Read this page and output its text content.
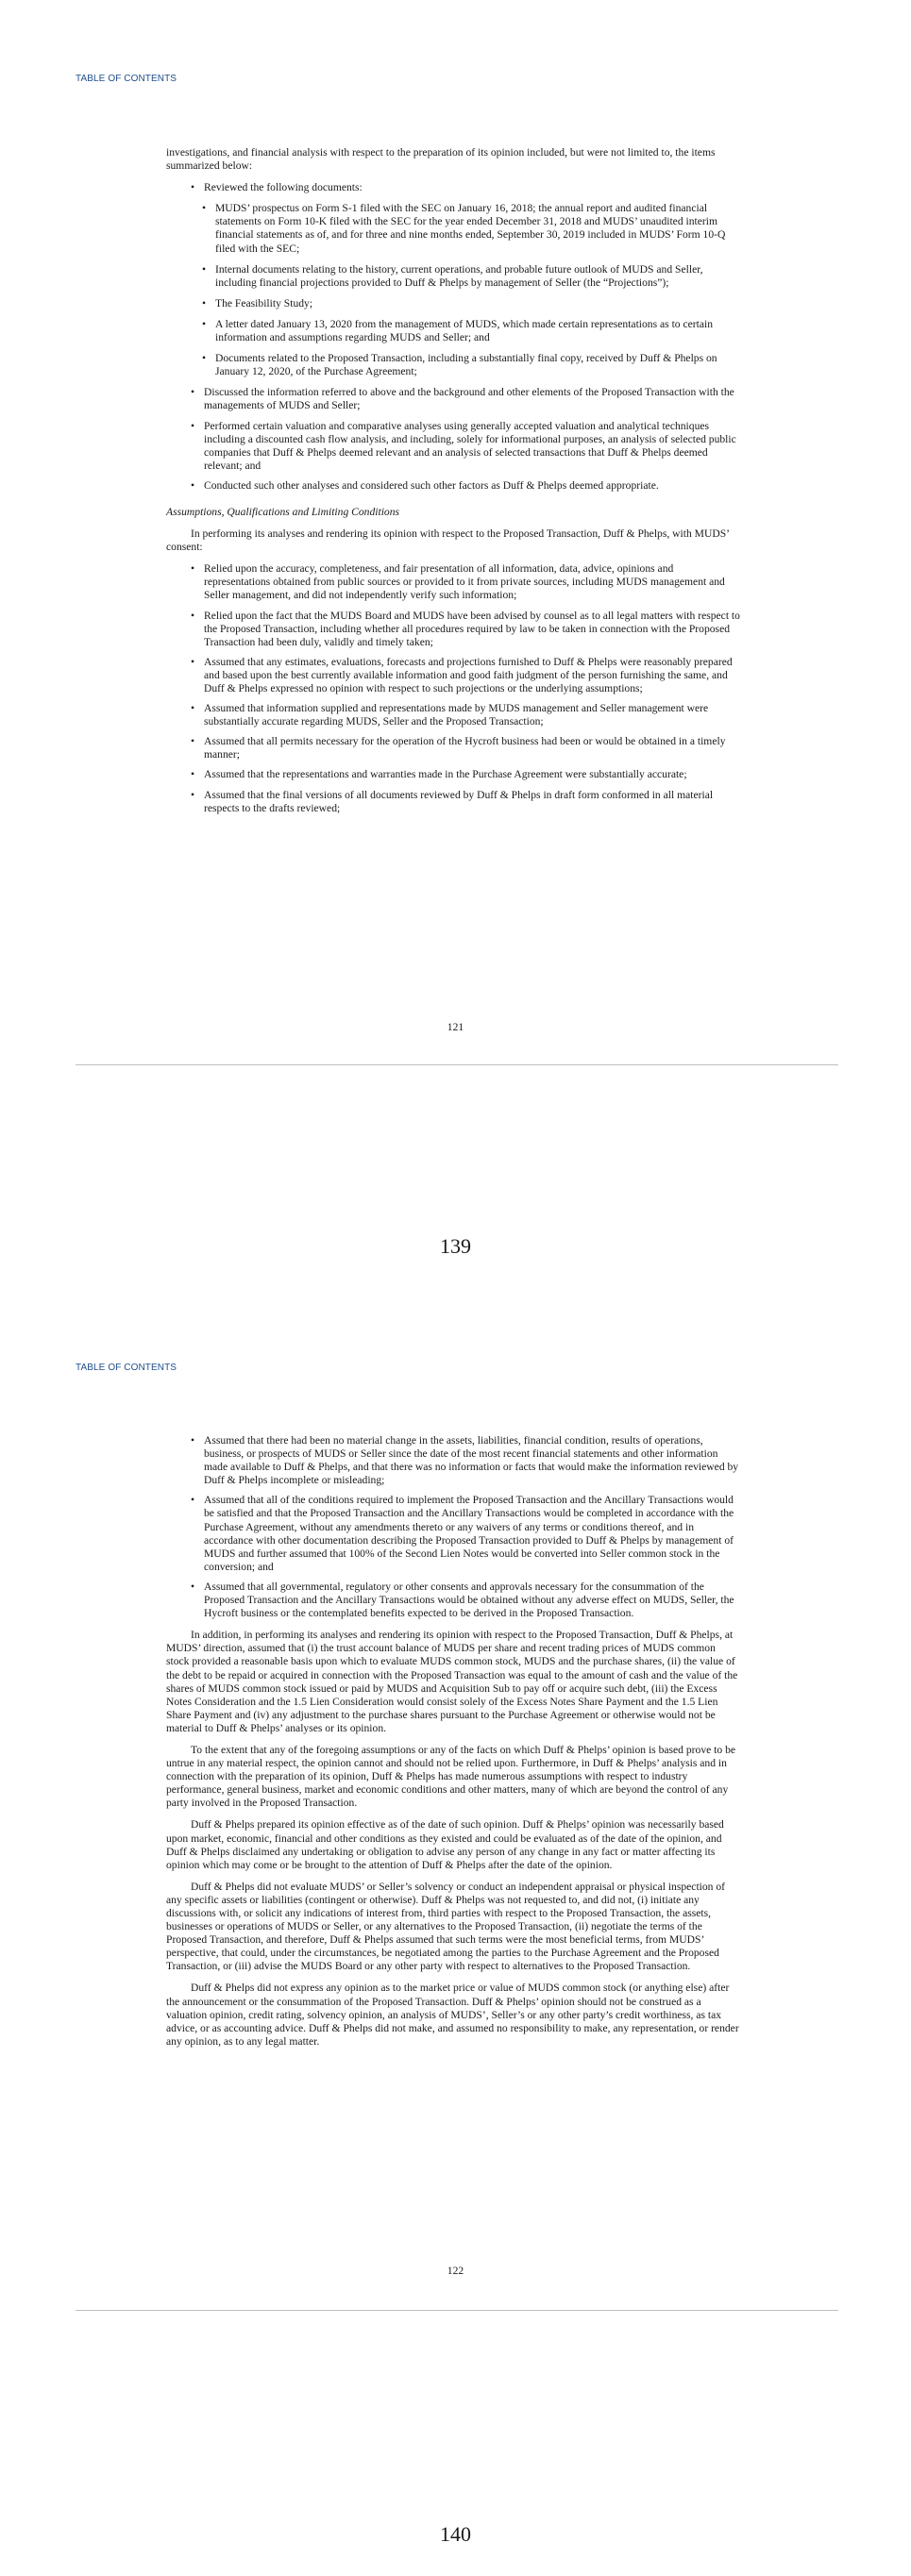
TABLE OF CONTENTS

investigations, and financial analysis with respect to the preparation of its opinion included, but were not limited to, the items summarized below:

• Reviewed the following documents:
• MUDS’ prospectus on Form S-1 filed with the SEC on January 16, 2018; the annual report and audited financial statements on Form 10-K filed with the SEC for the year ended December 31, 2018 and MUDS’ unaudited interim financial statements as of, and for three and nine months ended, September 30, 2019 included in MUDS’ Form 10-Q filed with the SEC;
• Internal documents relating to the history, current operations, and probable future outlook of MUDS and Seller, including financial projections provided to Duff & Phelps by management of Seller (the “Projections”);
• The Feasibility Study;
• A letter dated January 13, 2020 from the management of MUDS, which made certain representations as to certain information and assumptions regarding MUDS and Seller; and
• Documents related to the Proposed Transaction, including a substantially final copy, received by Duff & Phelps on January 12, 2020, of the Purchase Agreement;
• Discussed the information referred to above and the background and other elements of the Proposed Transaction with the managements of MUDS and Seller;
• Performed certain valuation and comparative analyses using generally accepted valuation and analytical techniques including a discounted cash flow analysis, and including, solely for informational purposes, an analysis of selected public companies that Duff & Phelps deemed relevant and an analysis of selected transactions that Duff & Phelps deemed relevant; and
• Conducted such other analyses and considered such other factors as Duff & Phelps deemed appropriate.

Assumptions, Qualifications and Limiting Conditions

In performing its analyses and rendering its opinion with respect to the Proposed Transaction, Duff & Phelps, with MUDS’ consent:

• Relied upon the accuracy, completeness, and fair presentation of all information, data, advice, opinions and representations obtained from public sources or provided to it from private sources, including MUDS management and Seller management, and did not independently verify such information;
• Relied upon the fact that the MUDS Board and MUDS have been advised by counsel as to all legal matters with respect to the Proposed Transaction, including whether all procedures required by law to be taken in connection with the Proposed Transaction had been duly, validly and timely taken;
• Assumed that any estimates, evaluations, forecasts and projections furnished to Duff & Phelps were reasonably prepared and based upon the best currently available information and good faith judgment of the person furnishing the same, and Duff & Phelps expressed no opinion with respect to such projections or the underlying assumptions;
• Assumed that information supplied and representations made by MUDS management and Seller management were substantially accurate regarding MUDS, Seller and the Proposed Transaction;
• Assumed that all permits necessary for the operation of the Hycroft business had been or would be obtained in a timely manner;
• Assumed that the representations and warranties made in the Purchase Agreement were substantially accurate;
• Assumed that the final versions of all documents reviewed by Duff & Phelps in draft form conformed in all material respects to the drafts reviewed;
121
139
TABLE OF CONTENTS
• Assumed that there had been no material change in the assets, liabilities, financial condition, results of operations, business, or prospects of MUDS or Seller since the date of the most recent financial statements and other information made available to Duff & Phelps, and that there was no information or facts that would make the information reviewed by Duff & Phelps incomplete or misleading;
• Assumed that all of the conditions required to implement the Proposed Transaction and the Ancillary Transactions would be satisfied and that the Proposed Transaction and the Ancillary Transactions would be completed in accordance with the Purchase Agreement, without any amendments thereto or any waivers of any terms or conditions thereof, and in accordance with other documentation describing the Proposed Transaction provided to Duff & Phelps by management of MUDS and further assumed that 100% of the Second Lien Notes would be converted into Seller common stock in the conversion; and
• Assumed that all governmental, regulatory or other consents and approvals necessary for the consummation of the Proposed Transaction and the Ancillary Transactions would be obtained without any adverse effect on MUDS, Seller, the Hycroft business or the contemplated benefits expected to be derived in the Proposed Transaction.

In addition, in performing its analyses and rendering its opinion with respect to the Proposed Transaction, Duff & Phelps, at MUDS’ direction, assumed that (i) the trust account balance of MUDS per share and recent trading prices of MUDS common stock provided a reasonable basis upon which to evaluate MUDS common stock, MUDS and the purchase shares, (ii) the value of the debt to be repaid or acquired in connection with the Proposed Transaction was equal to the amount of cash and the value of the shares of MUDS common stock issued or paid by MUDS and Acquisition Sub to pay off or acquire such debt, (iii) the Excess Notes Consideration and the 1.5 Lien Consideration would consist solely of the Excess Notes Share Payment and the 1.5 Lien Share Payment and (iv) any adjustment to the purchase shares pursuant to the Purchase Agreement or otherwise would not be material to Duff & Phelps’ analyses or its opinion.

To the extent that any of the foregoing assumptions or any of the facts on which Duff & Phelps’ opinion is based prove to be untrue in any material respect, the opinion cannot and should not be relied upon. Furthermore, in Duff & Phelps’ analysis and in connection with the preparation of its opinion, Duff & Phelps has made numerous assumptions with respect to industry performance, general business, market and economic conditions and other matters, many of which are beyond the control of any party involved in the Proposed Transaction.

Duff & Phelps prepared its opinion effective as of the date of such opinion. Duff & Phelps’ opinion was necessarily based upon market, economic, financial and other conditions as they existed and could be evaluated as of the date of the opinion, and Duff & Phelps disclaimed any undertaking or obligation to advise any person of any change in any fact or matter affecting its opinion which may come or be brought to the attention of Duff & Phelps after the date of the opinion.

Duff & Phelps did not evaluate MUDS’ or Seller’s solvency or conduct an independent appraisal or physical inspection of any specific assets or liabilities (contingent or otherwise). Duff & Phelps was not requested to, and did not, (i) initiate any discussions with, or solicit any indications of interest from, third parties with respect to the Proposed Transaction, the assets, businesses or operations of MUDS or Seller, or any alternatives to the Proposed Transaction, (ii) negotiate the terms of the Proposed Transaction, and therefore, Duff & Phelps assumed that such terms were the most beneficial terms, from MUDS’ perspective, that could, under the circumstances, be negotiated among the parties to the Purchase Agreement and the Proposed Transaction, or (iii) advise the MUDS Board or any other party with respect to alternatives to the Proposed Transaction.

Duff & Phelps did not express any opinion as to the market price or value of MUDS common stock (or anything else) after the announcement or the consummation of the Proposed Transaction. Duff & Phelps’ opinion should not be construed as a valuation opinion, credit rating, solvency opinion, an analysis of MUDS’, Seller’s or any other party’s credit worthiness, as tax advice, or as accounting advice. Duff & Phelps did not make, and assumed no responsibility to make, any representation, or render any opinion, as to any legal matter.

122
140
